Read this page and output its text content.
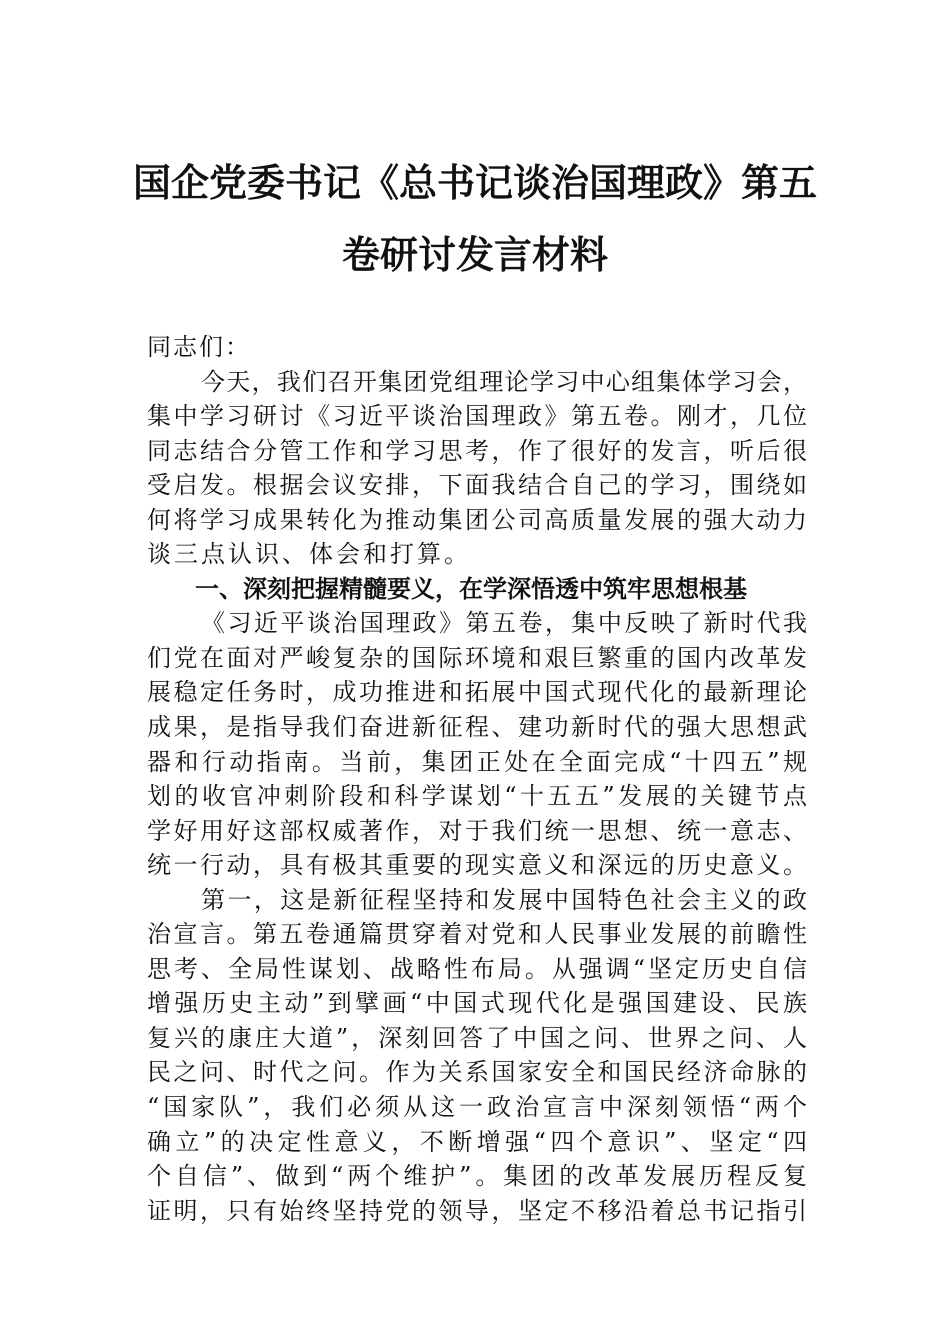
国企党委书记《总书记谈治国理政》第五
卷研讨发言材料
同志们：
今天，我们召开集团党组理论学习中心组集体学习会，
集中学习研讨《习近平谈治国理政》第五卷。刚才，几位
同志结合分管工作和学习思考，作了很好的发言，听后很
受启发。根据会议安排，下面我结合自己的学习，围绕如
何将学习成果转化为推动集团公司高质量发展的强大动力
谈三点认识、体会和打算。
一、深刻把握精髓要义，在学深悟透中筑牢思想根基
《习近平谈治国理政》第五卷，集中反映了新时代我
们党在面对严峻复杂的国际环境和艰巨繁重的国内改革发
展稳定任务时，成功推进和拓展中国式现代化的最新理论
成果，是指导我们奋进新征程、建功新时代的强大思想武
器和行动指南。当前，集团正处在全面完成“十四五”规
划的收官冲刺阶段和科学谋划“十五五”发展的关键节点
学好用好这部权威著作，对于我们统一思想、统一意志、
统一行动，具有极其重要的现实意义和深远的历史意义。
第一，这是新征程坚持和发展中国特色社会主义的政
治宣言。第五卷通篇贯穿着对党和人民事业发展的前瞻性
思考、全局性谋划、战略性布局。从强调“坚定历史自信
增强历史主动”到擘画“中国式现代化是强国建设、民族
复兴的康庄大道”，深刻回答了中国之问、世界之问、人
民之问、时代之问。作为关系国家安全和国民经济命脉的
“国家队”，我们必须从这一政治宣言中深刻领悟“两个
确立”的决定性意义，不断增强“四个意识”、坚定“四
个自信”、做到“两个维护”。集团的改革发展历程反复
证明，只有始终坚持党的领导，坚定不移沿着总书记指引
